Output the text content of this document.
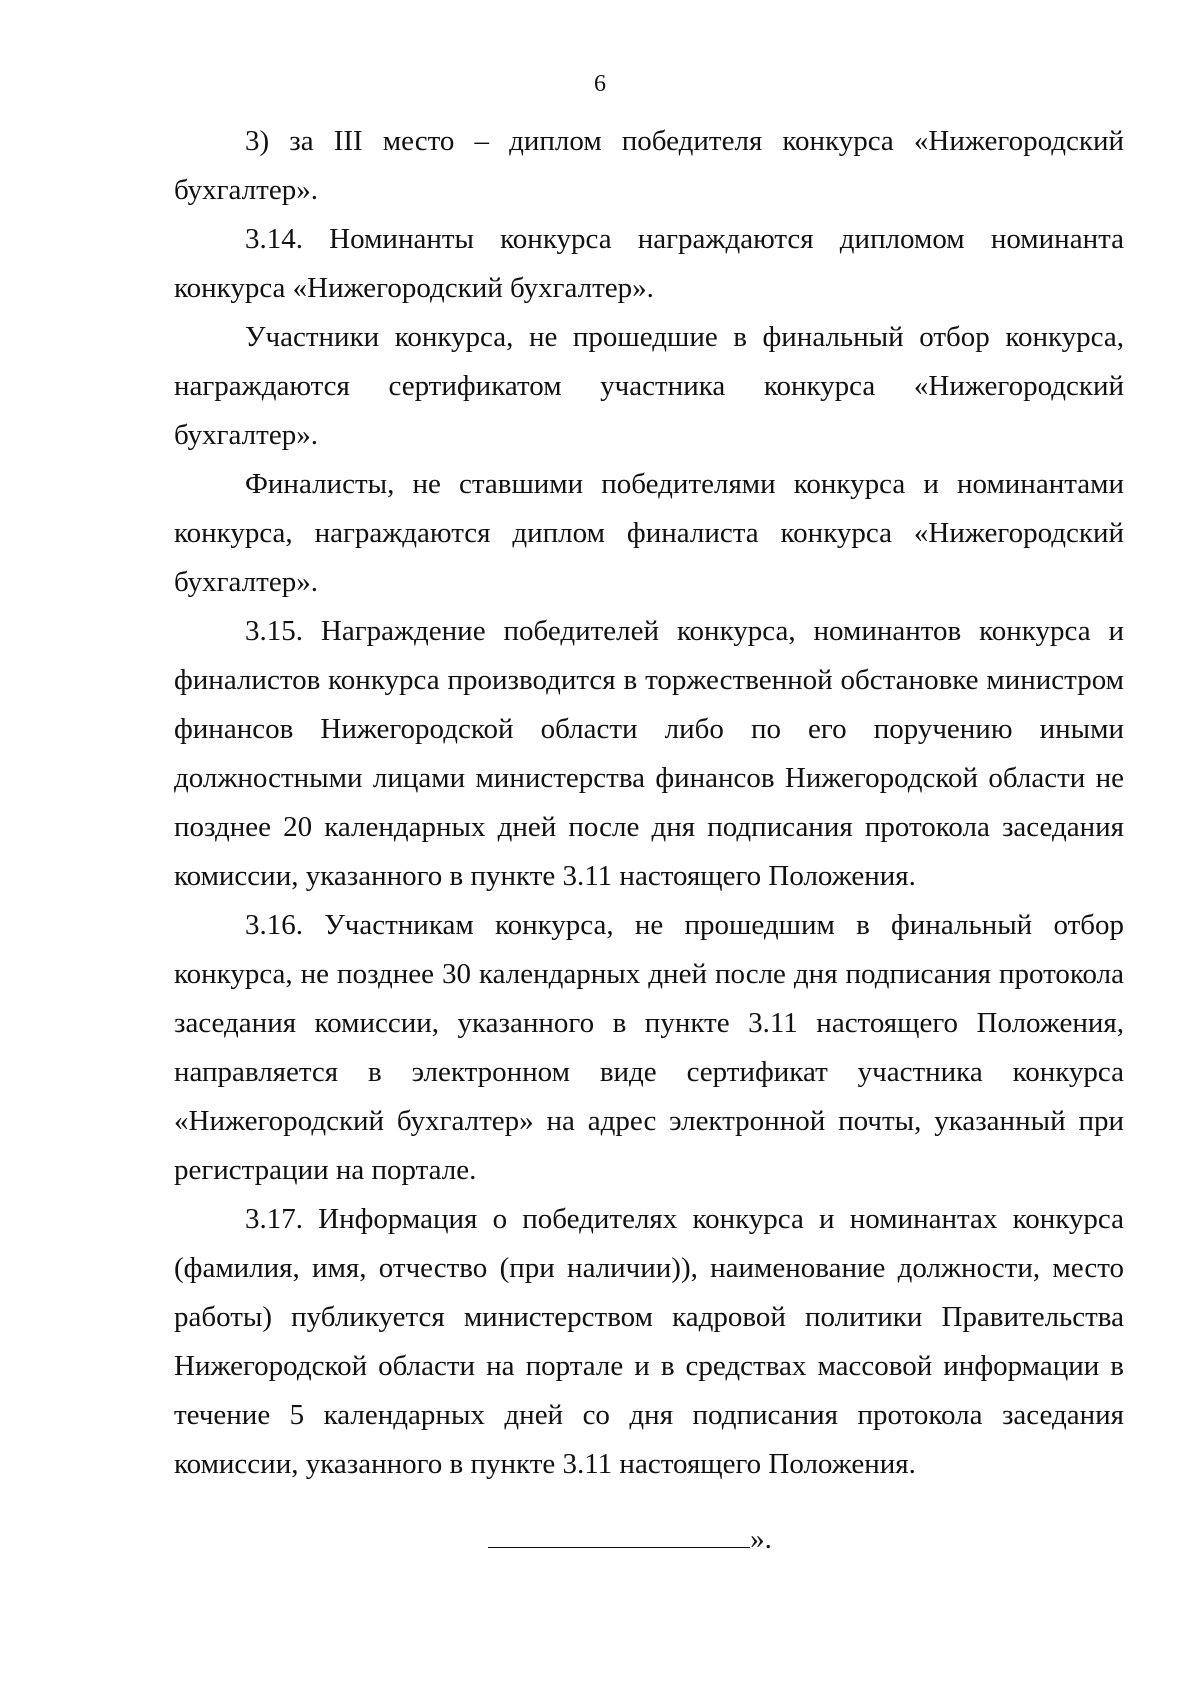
6

3) за III место – диплом победителя конкурса «Нижегородский бухгалтер».

3.14. Номинанты конкурса награждаются дипломом номинанта конкурса «Нижегородский бухгалтер».

Участники конкурса, не прошедшие в финальный отбор конкурса, награждаются сертификатом участника конкурса «Нижегородский бухгалтер».

Финалисты, не ставшими победителями конкурса и номинантами конкурса, награждаются диплом финалиста конкурса «Нижегородский бухгалтер».

3.15. Награждение победителей конкурса, номинантов конкурса и финалистов конкурса производится в торжественной обстановке министром финансов Нижегородской области либо по его поручению иными должностными лицами министерства финансов Нижегородской области не позднее 20 календарных дней после дня подписания протокола заседания комиссии, указанного в пункте 3.11 настоящего Положения.

3.16. Участникам конкурса, не прошедшим в финальный отбор конкурса, не позднее 30 календарных дней после дня подписания протокола заседания комиссии, указанного в пункте 3.11 настоящего Положения, направляется в электронном виде сертификат участника конкурса «Нижегородский бухгалтер» на адрес электронной почты, указанный при регистрации на портале.

3.17. Информация о победителях конкурса и номинантах конкурса (фамилия, имя, отчество (при наличии)), наименование должности, место работы) публикуется министерством кадровой политики Правительства Нижегородской области на портале и в средствах массовой информации в течение 5 календарных дней со дня подписания протокола заседания комиссии, указанного в пункте 3.11 настоящего Положения.

».
